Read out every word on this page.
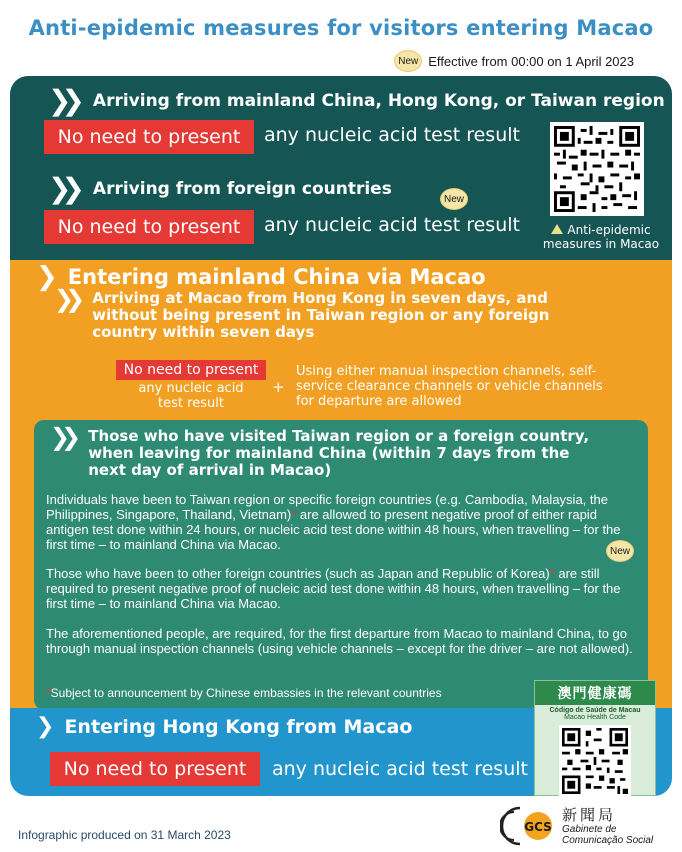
Anti-epidemic measures for visitors entering Macao
New Effective from 00:00 on 1 April 2023
❯❯ Arriving from mainland China, Hong Kong, or Taiwan region
No need to present	any nucleic acid test result
❯❯ Arriving from foreign countries
New
No need to present	any nucleic acid test result	Anti-epidemic measures in Macao
❯ Entering mainland China via Macao
❯❯ Arriving at Macao from Hong Kong in seven days, and without being present in Taiwan region or any foreign country within seven days
No need to present
any nucleic acid
test result
+
Using either manual inspection channels, self-service clearance channels or vehicle channels for departure are allowed
❯❯ Those who have visited Taiwan region or a foreign country, when leaving for mainland China (within 7 days from the next day of arrival in Macao)
Individuals have been to Taiwan region or specific foreign countries (e.g. Cambodia, Malaysia, the Philippines, Singapore, Thailand, Vietnam)* are allowed to present negative proof of either rapid antigen test done within 24 hours, or nucleic acid test done within 48 hours, when travelling – for the first time – to mainland China via Macao.	New
Those who have been to other foreign countries (such as Japan and Republic of Korea)* are still required to present negative proof of nucleic acid test done within 48 hours, when travelling – for the first time – to mainland China via Macao.
The aforementioned people, are required, for the first departure from Macao to mainland China, to go through manual inspection channels (using vehicle channels – except for the driver – are not allowed).
*Subject to announcement by Chinese embassies in the relevant countries
❯ Entering Hong Kong from Macao
No need to present	any nucleic acid test result
澳門健康碼
Código de Saúde de Macau
Macao Health Code
Infographic produced on 31 March 2023
GCS
新聞局
Gabinete de
Comunicação Social
